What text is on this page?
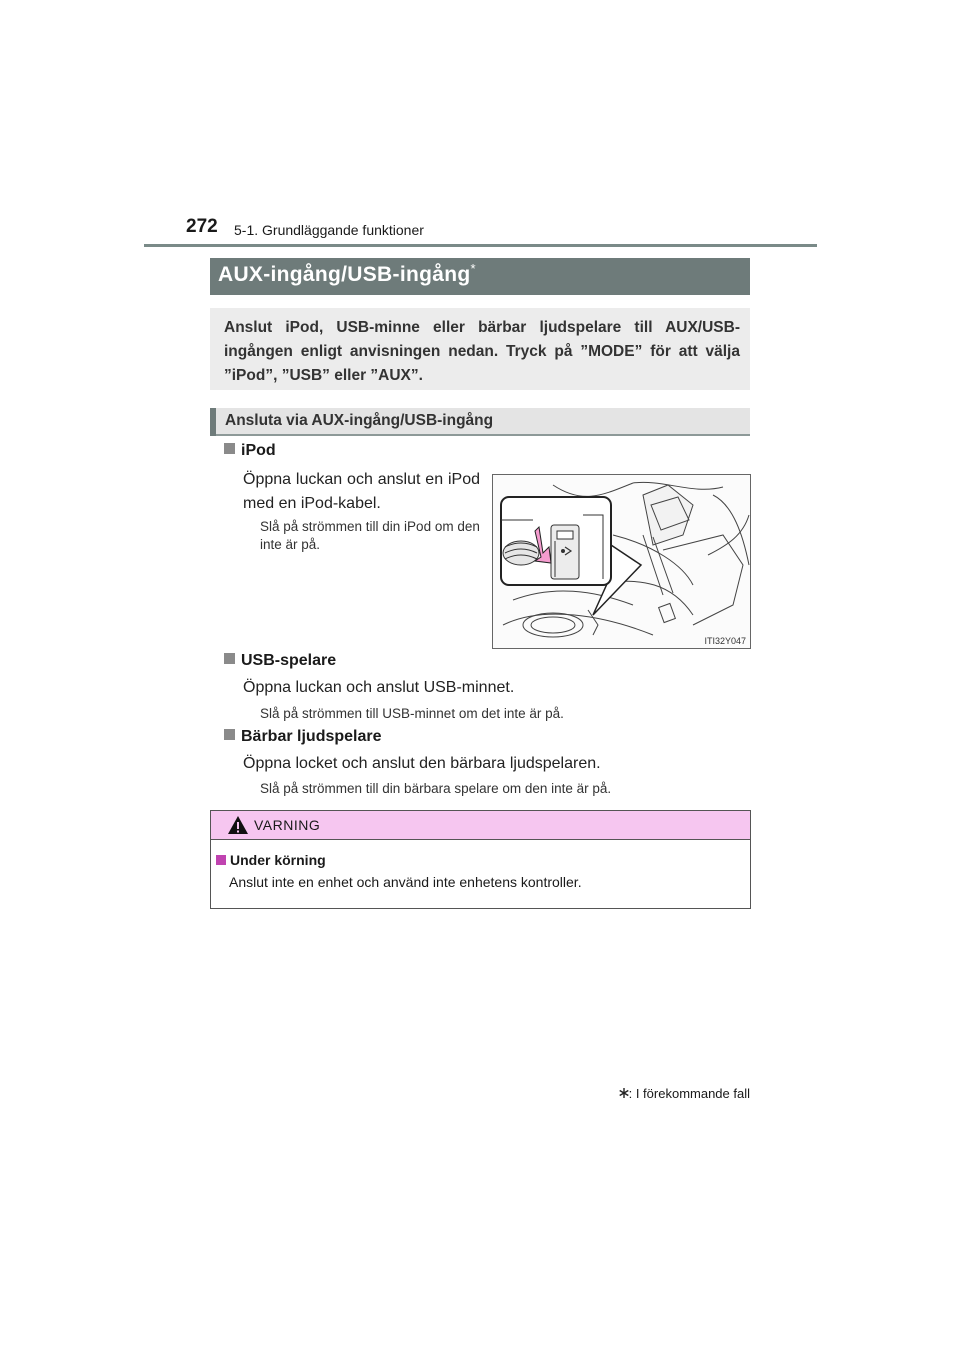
272 5-1. Grundläggande funktioner
AUX-ingång/USB-ingång*

Anslut iPod, USB-minne eller bärbar ljudspelare till AUX/USB-ingången enligt anvisningen nedan. Tryck på ”MODE” för att välja ”iPod”, ”USB” eller ”AUX”.

Ansluta via AUX-ingång/USB-ingång
iPod
Öppna luckan och anslut en iPod med en iPod-kabel.
Slå på strömmen till din iPod om den inte är på.
ITI32Y047
USB-spelare
Öppna luckan och anslut USB-minnet.
Slå på strömmen till USB-minnet om det inte är på.
Bärbar ljudspelare
Öppna locket och anslut den bärbara ljudspelaren.
Slå på strömmen till din bärbara spelare om den inte är på.
VARNING
Under körning
Anslut inte en enhet och använd inte enhetens kontroller.
: I förekommande fall
